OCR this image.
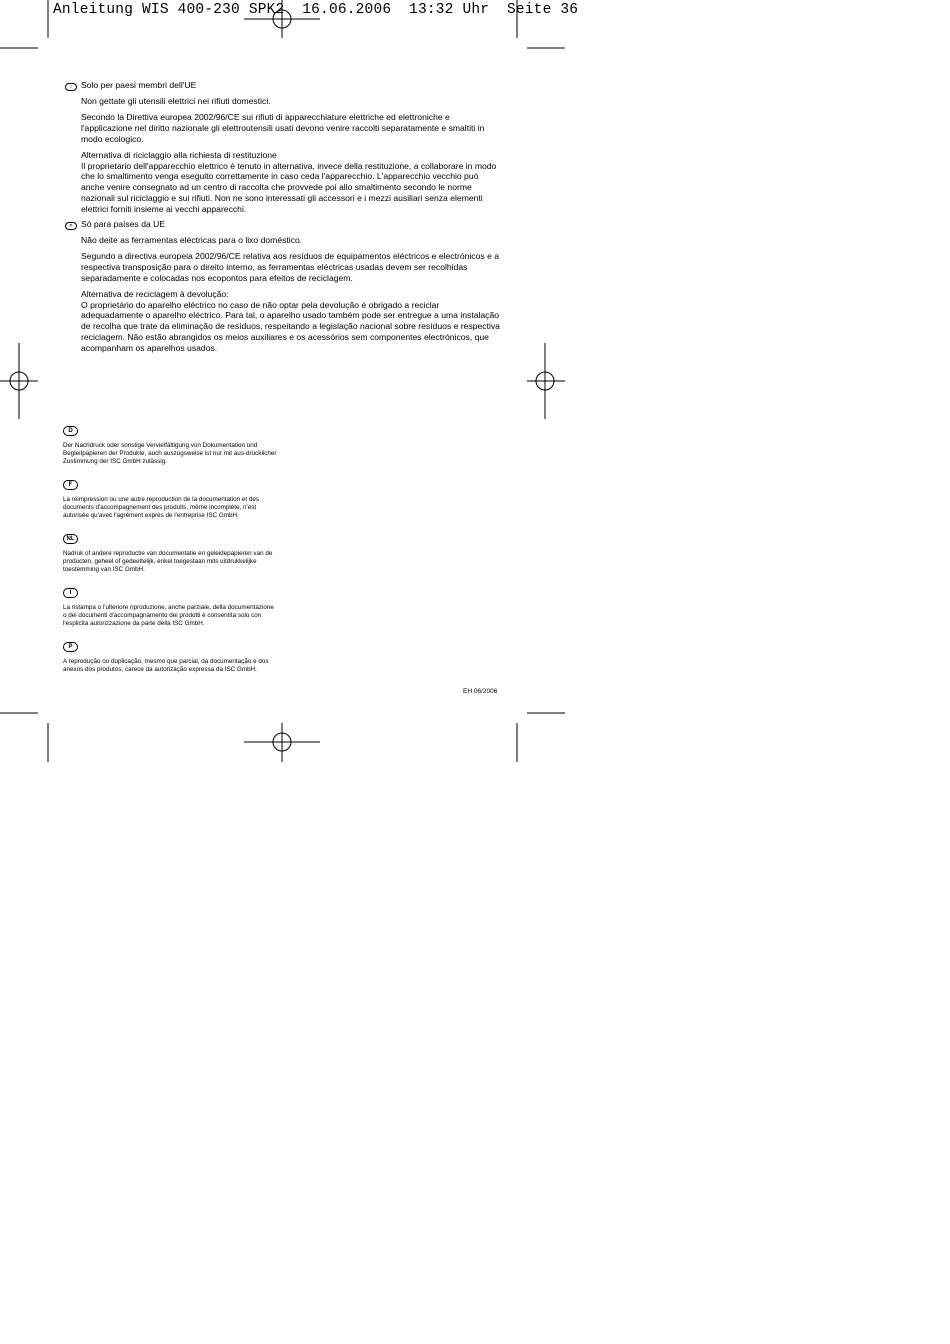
Anleitung WIS 400-230 SPK2  16.06.2006  13:32 Uhr  Seite 36
I	Solo per paesi membri dell'UE

Non gettate gli utensili elettrici nei rifiuti domestici.

Secondo la Direttiva europea 2002/96/CE sui rifiuti di apparecchiature elettriche ed elettroniche e l'applicazione nel diritto nazionale gli elettroutensili usati devono venire raccolti separatamente e smaltiti in modo ecologico.

Alternativa di riciclaggio alla richiesta di restituzione

Il proprietario dell'apparecchio elettrico è tenuto in alternativa, invece della restituzione, a collaborare in modo che lo smaltimento venga eseguito correttamente in caso ceda l'apparecchio. L'apparecchio vecchio può anche venire consegnato ad un centro di raccolta che provvede poi allo smaltimento secondo le norme nazionali sul riciclaggio e sui rifiuti. Non ne sono interessati gli accessori e i mezzi ausiliari senza elementi elettrici forniti insieme ai vecchi apparecchi.

P Só para países da UE

Não deite as ferramentas eléctricas para o lixo doméstico.

Segundo a directiva europeia 2002/96/CE relativa aos resíduos de equipamentos eléctricos e electrónicos e a respectiva transposição para o direito interno, as ferramentas eléctricas usadas devem ser recolhidas separadamente e colocadas nos ecopontos para efeitos de reciclagem.

Alternativa de reciclagem à devolução:

O proprietário do aparelho eléctrico no caso de não optar pela devolução é obrigado a reciclar adequadamente o aparelho eléctrico. Para tal, o aparelho usado também pode ser entregue a uma instalação de recolha que trate da eliminação de resíduos, respeitando a legislação nacional sobre resíduos e respectiva reciclagem. Não estão abrangidos os meios auxiliares e os acessórios sem componentes electrónicos, que acompanham os aparelhos usados.

D
Der Nachdruck oder sonstige Vervielfältigung von Dokumentation und Begleitpapieren der Produkte, auch auszugsweise ist nur mit aus-drücklicher Zustimmung der ISC GmbH zulässig.
F
La réimpression ou une autre reproduction de la documentation et des documents d'accompagnement des produits, même incomplète, n'est autorisée qu'avec l'agrément exprès de l'entreprise ISC GmbH.
NL
Nadruk of andere reproductie van documentatie en geleidepapieren van de producten, geheel of gedeeltelijk, enkel toegestaan mits uitdrukkelijke toestemming van ISC GmbH.
I
La ristampa o l'ulteriore riproduzione, anche parziale, della documentazione o dei documenti d'accompagnamento dei prodotti è consentita solo con l'esplicita autorizzazione da parte della ISC GmbH.
P
A reprodução ou duplicação, mesmo que parcial, da documentação e dos anexos dos produtos, carece da autorização expressa da ISC GmbH.
EH 06/2006
